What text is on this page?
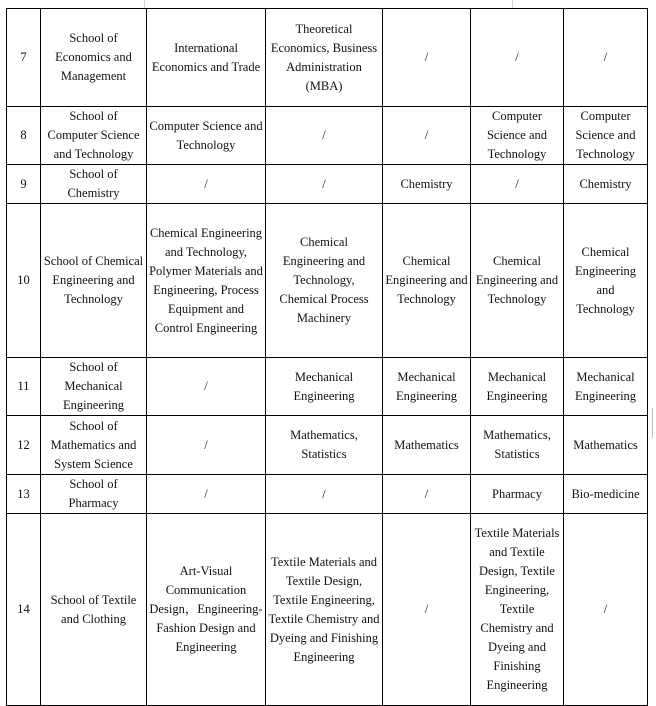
7	School of Economics and Management	International Economics and Trade	Theoretical Economics, Business Administration (MBA)	/	/	/
8	School of Computer Science and Technology	Computer Science and Technology	/	/	Computer Science and Technology	Computer Science and Technology
9	School of Chemistry	/	/	Chemistry	/	Chemistry
10	School of Chemical Engineering and Technology	Chemical Engineering and Technology, Polymer Materials and Engineering, Process Equipment and Control Engineering	Chemical Engineering and Technology, Chemical Process Machinery	Chemical Engineering and Technology	Chemical Engineering and Technology	Chemical Engineering and Technology
11	School of Mechanical Engineering	/	Mechanical Engineering	Mechanical Engineering	Mechanical Engineering	Mechanical Engineering
12	School of Mathematics and System Science	/	Mathematics, Statistics	Mathematics	Mathematics, Statistics	Mathematics
13	School of Pharmacy	/	/	/	Pharmacy	Bio-medicine
14	School of Textile and Clothing	Art-Visual Communication Design，Engineering-Fashion Design and Engineering	Textile Materials and Textile Design, Textile Engineering, Textile Chemistry and Dyeing and Finishing Engineering	/	Textile Materials and Textile Design, Textile Engineering, Textile Chemistry and Dyeing and Finishing Engineering	/
